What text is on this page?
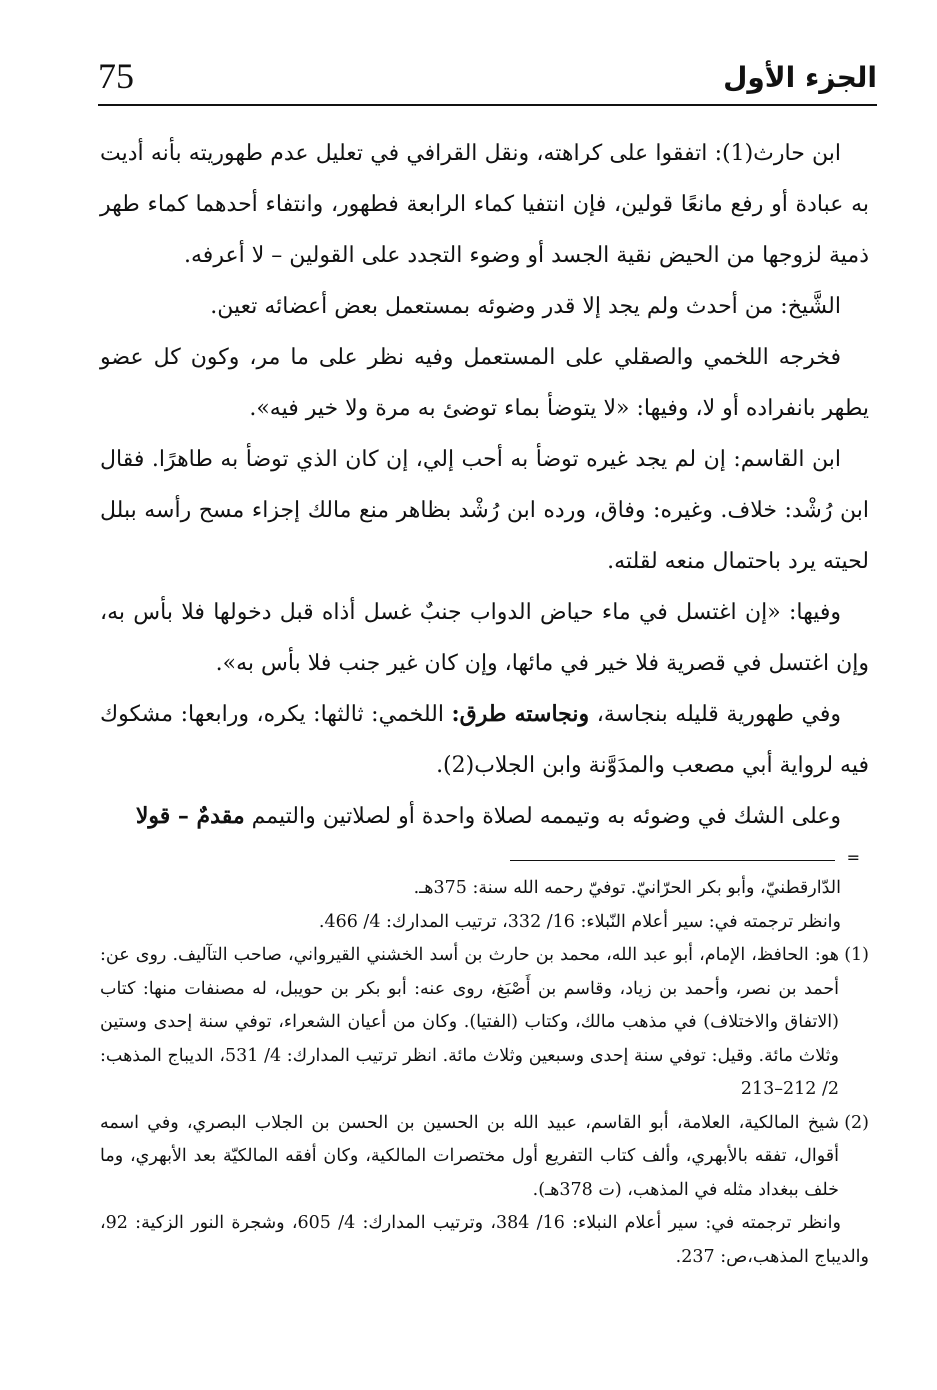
75	الجزء الأول

ابن حارث(1): اتفقوا على كراهته، ونقل القرافي في تعليل عدم طهوريته بأنه أديت به عبادة أو رفع مانعًا قولين، فإن انتفيا كماء الرابعة فطهور، وانتفاء أحدهما كماء طهر ذمية لزوجها من الحيض نقية الجسد أو وضوء التجدد على القولين – لا أعرفه.

الشَّيخ: من أحدث ولم يجد إلا قدر وضوئه بمستعمل بعض أعضائه تعين.

فخرجه اللخمي والصقلي على المستعمل وفيه نظر على ما مر، وكون كل عضو يطهر بانفراده أو لا، وفيها: «لا يتوضأ بماء توضئ به مرة ولا خير فيه».

ابن القاسم: إن لم يجد غيره توضأ به أحب إلي، إن كان الذي توضأ به طاهرًا. فقال ابن رُشْد: خلاف. وغيره: وفاق، ورده ابن رُشْد بظاهر منع مالك إجزاء مسح رأسه ببلل لحيته يرد باحتمال منعه لقلته.

وفيها: «إن اغتسل في ماء حياض الدواب جنبٌ غسل أذاه قبل دخولها فلا بأس به، وإن اغتسل في قصرية فلا خير في مائها، وإن كان غير جنب فلا بأس به».

وفي طهورية قليله بنجاسة، ونجاسته طرق: اللخمي: ثالثها: يكره، ورابعها: مشكوك فيه لرواية أبي مصعب والمدَوَّنة وابن الجلاب(2).

وعلى الشك في وضوئه به وتيممه لصلاة واحدة أو لصلاتين والتيمم مقدمٌ – قولا

=

الدّارقطنيّ، وأبو بكر الحرّانيّ. توفيّ رحمه الله سنة: 375هـ.

وانظر ترجمته في: سير أعلام النّبلاء: 16/ 332، ترتيب المدارك: 4/ 466.

(1)
هو: الحافظ، الإمام، أبو عبد الله، محمد بن حارث بن أسد الخشني القيرواني، صاحب التآليف. روى عن: أحمد بن نصر، وأحمد بن زياد، وقاسم بن أَصْبَغ، روى عنه: أبو بكر بن حويبل، له مصنفات منها: كتاب (الاتفاق والاختلاف) في مذهب مالك، وكتاب (الفتيا). وكان من أعيان الشعراء، توفي سنة إحدى وستين وثلاث مائة. وقيل: توفي سنة إحدى وسبعين وثلاث مائة. انظر ترتيب المدارك: 4/ 531، الديباج المذهب: 2/ 212–213

(2)
شيخ المالكية، العلامة، أبو القاسم، عبيد الله بن الحسين بن الحسن بن الجلاب البصري، وفي اسمه أقوال، تفقه بالأبهري، وألف كتاب التفريع أول مختصرات المالكية، وكان أفقه المالكيّة بعد الأبهري، وما خلف ببغداد مثله في المذهب، (ت 378هـ).

وانظر ترجمته في: سير أعلام النبلاء: 16/ 384، وترتيب المدارك: 4/ 605، وشجرة النور الزكية: 92، والديباج المذهب،ص: 237.
